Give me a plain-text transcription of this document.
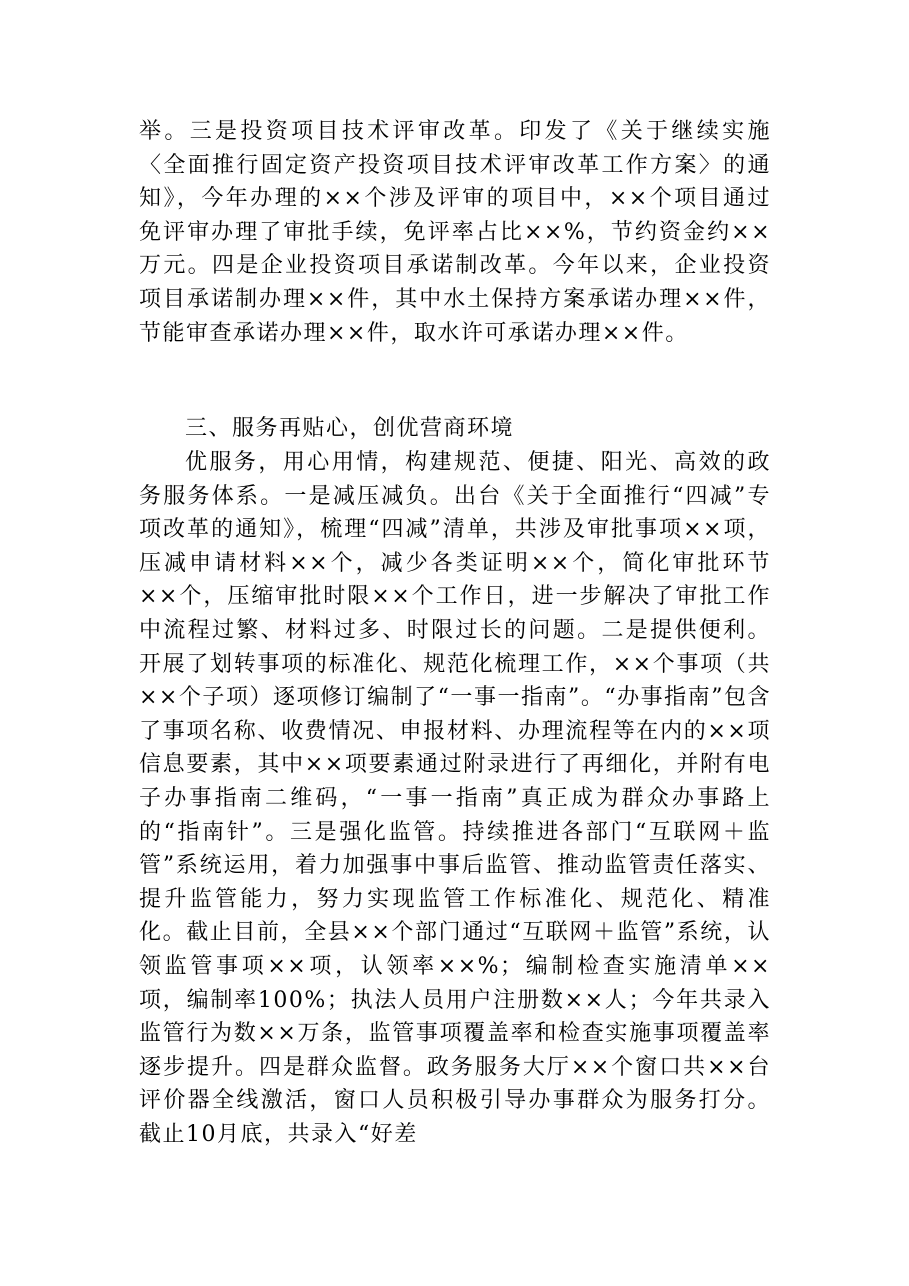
举。三是投资项目技术评审改革。印发了《关于继续实施〈全面推行固定资产投资项目技术评审改革工作方案〉的通知》，今年办理的××个涉及评审的项目中，××个项目通过免评审办理了审批手续，免评率占比××%，节约资金约××万元。四是企业投资项目承诺制改革。今年以来，企业投资项目承诺制办理××件，其中水土保持方案承诺办理××件，节能审查承诺办理××件，取水许可承诺办理××件。

三、服务再贴心，创优营商环境

优服务，用心用情，构建规范、便捷、阳光、高效的政务服务体系。一是减压减负。出台《关于全面推行“四减”专项改革的通知》，梳理“四减”清单，共涉及审批事项××项，压减申请材料××个，减少各类证明××个，简化审批环节××个，压缩审批时限××个工作日，进一步解决了审批工作中流程过繁、材料过多、时限过长的问题。二是提供便利。开展了划转事项的标准化、规范化梳理工作，××个事项（共××个子项）逐项修订编制了“一事一指南”。“办事指南”包含了事项名称、收费情况、申报材料、办理流程等在内的××项信息要素，其中××项要素通过附录进行了再细化，并附有电子办事指南二维码，“一事一指南”真正成为群众办事路上的“指南针”。三是强化监管。持续推进各部门“互联网＋监管”系统运用，着力加强事中事后监管、推动监管责任落实、提升监管能力，努力实现监管工作标准化、规范化、精准化。截止目前，全县××个部门通过“互联网＋监管”系统，认领监管事项××项，认领率××%；编制检查实施清单××项，编制率100%；执法人员用户注册数××人；今年共录入监管行为数××万条，监管事项覆盖率和检查实施事项覆盖率逐步提升。四是群众监督。政务服务大厅××个窗口共××台评价器全线激活，窗口人员积极引导办事群众为服务打分。截止10月底，共录入“好差
